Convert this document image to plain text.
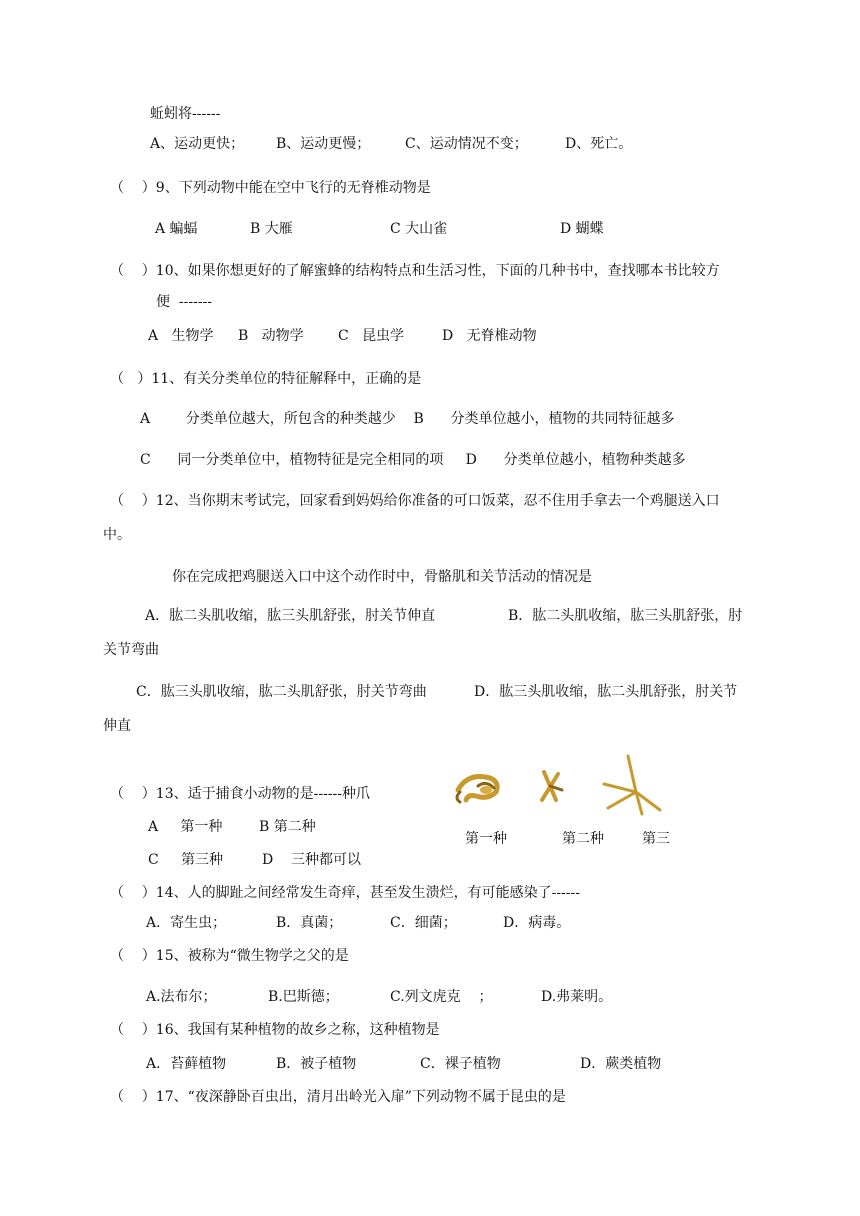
蚯蚓将------
A、运动更快； B、运动更慢； C、运动情况不变；	D、死亡。
（    ）9、下列动物中能在空中飞行的无脊椎动物是
A 蝙蝠	B 大雁	C 大山雀	D 蝴蝶
（    ）10、如果你想更好的了解蜜蜂的结构特点和生活习性，下面的几种书中，查找哪本书比较方
便  -------
A   生物学 B   动物学 C   昆虫学	D   无脊椎动物
（   ）11、有关分类单位的特征解释中，正确的是
A        分类单位越大，所包含的种类越少    B      分类单位越小，植物的共同特征越多
C      同一分类单位中，植物特征是完全相同的项     D      分类单位越小，植物种类越多
（    ）12、当你期末考试完，回家看到妈妈给你准备的可口饭菜，忍不住用手拿去一个鸡腿送入口
中。
你在完成把鸡腿送入口中这个动作时中，骨骼肌和关节活动的情况是
A．肱二头肌收缩，肱三头肌舒张，肘关节伸直	B．肱二头肌收缩，肱三头肌舒张，肘
关节弯曲
C．肱三头肌收缩，肱二头肌舒张，肘关节弯曲	D．肱三头肌收缩，肱二头肌舒张，肘关节
伸直
（    ）13、适于捕食小动物的是------种爪
A     第一种	B 第二种
C     第三种	D    三种都可以
第一种	第二种	第三
（    ）14、人的脚趾之间经常发生奇痒，甚至发生溃烂，有可能感染了------
A．寄生虫；	B．真菌；	C．细菌；	D．病毒。
（    ）15、被称为“微生物学之父的是
A.法布尔；	B.巴斯德；	C.列文虎克    ；	D.弗莱明。
（    ）16、我国有某种植物的故乡之称，这种植物是
A．苔藓植物	B．被子植物	C．裸子植物	D．蕨类植物
（    ）17、“夜深静卧百虫出，清月出岭光入扉”下列动物不属于昆虫的是
